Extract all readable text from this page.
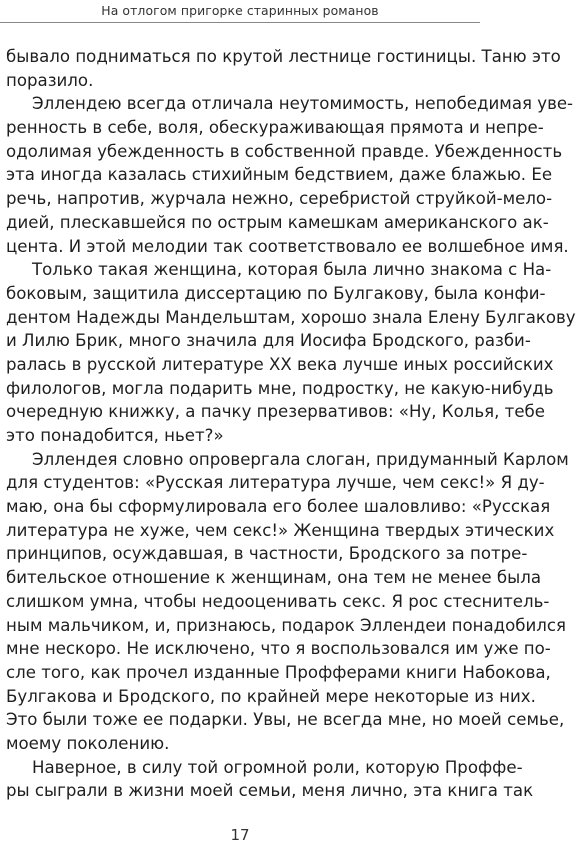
На отлогом пригорке старинных романов
бывало подниматься по крутой лестнице гостиницы. Таню это
поразило.
Эллендею всегда отличала неутомимость, непобедимая уве-
ренность в себе, воля, обескураживающая прямота и непре-
одолимая убежденность в собственной правде. Убежденность
эта иногда казалась стихийным бедствием, даже блажью. Ее
речь, напротив, журчала нежно, серебристой струйкой-мело-
дией, плескавшейся по острым камешкам американского ак-
цента. И этой мелодии так соответствовало ее волшебное имя.
Только такая женщина, которая была лично знакома с На-
боковым, защитила диссертацию по Булгакову, была конфи-
дентом Надежды Мандельштам, хорошо знала Елену Булгакову
и Лилю Брик, много значила для Иосифа Бродского, разби-
ралась в русской литературе XX века лучше иных российских
филологов, могла подарить мне, подростку, не какую-нибудь
очередную книжку, а пачку презервативов: «Ну, Колья, тебе
это понадобится, ньет?»
Эллендея словно опровергала слоган, придуманный Карлом
для студентов: «Русская литература лучше, чем секс!» Я ду-
маю, она бы сформулировала его более шаловливо: «Русская
литература не хуже, чем секс!» Женщина твердых этических
принципов, осуждавшая, в частности, Бродского за потре-
бительское отношение к женщинам, она тем не менее была
слишком умна, чтобы недооценивать секс. Я рос стеснитель-
ным мальчиком, и, признаюсь, подарок Эллендеи понадобился
мне нескоро. Не исключено, что я воспользовался им уже по-
сле того, как прочел изданные Профферами книги Набокова,
Булгакова и Бродского, по крайней мере некоторые из них.
Это были тоже ее подарки. Увы, не всегда мне, но моей семье,
моему поколению.
Наверное, в силу той огромной роли, которую Проффе-
ры сыграли в жизни моей семьи, меня лично, эта книга так
17
